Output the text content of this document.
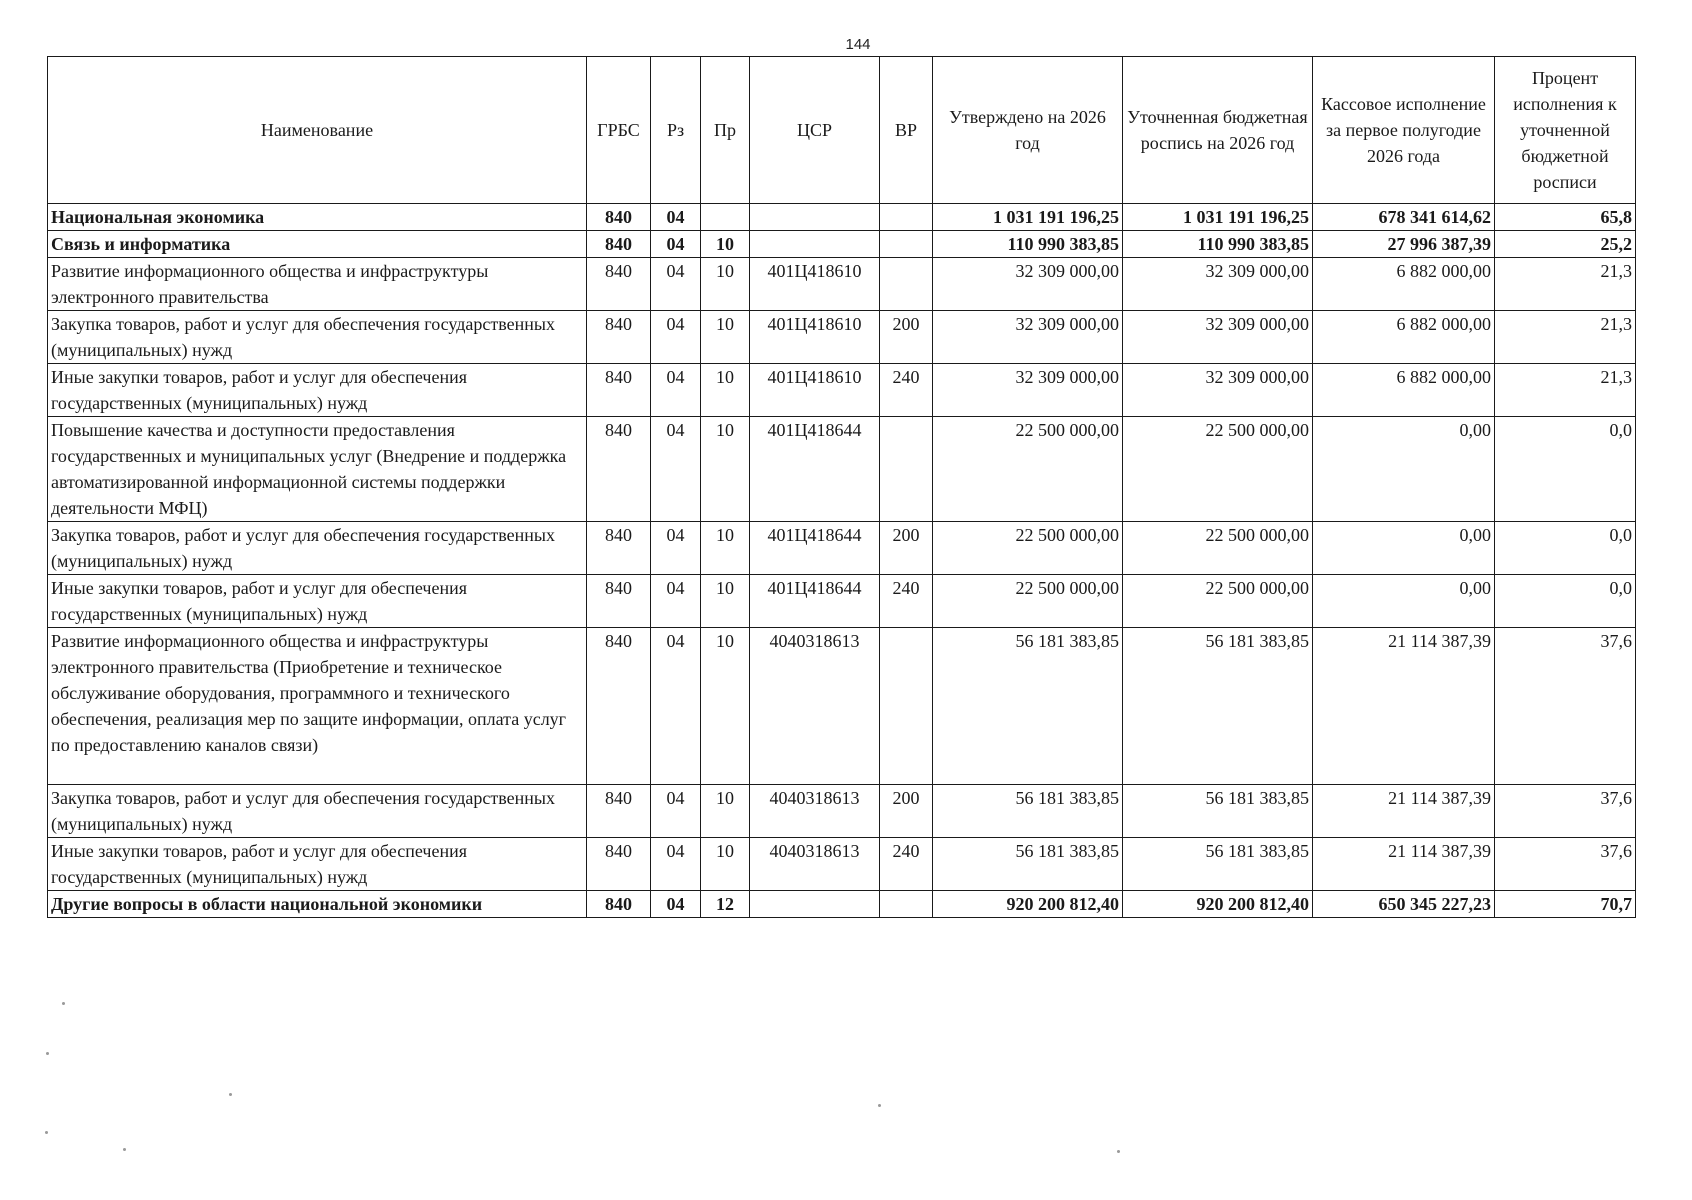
144
Наименование	ГРБС	Рз	Пр	ЦСР	ВР	Утверждено на 2026 год	Уточненная бюджетная роспись на 2026 год	Кассовое исполнение за первое полугодие 2026 года	Процент исполнения к уточненной бюджетной росписи
Национальная экономика	840	04				1 031 191 196,25	1 031 191 196,25	678 341 614,62	65,8
Связь и информатика	840	04	10			110 990 383,85	110 990 383,85	27 996 387,39	25,2
Развитие информационного общества и инфраструктуры электронного правительства	840	04	10	401Ц418610		32 309 000,00	32 309 000,00	6 882 000,00	21,3
Закупка товаров, работ и услуг для обеспечения государственных (муниципальных) нужд	840	04	10	401Ц418610	200	32 309 000,00	32 309 000,00	6 882 000,00	21,3
Иные закупки товаров, работ и услуг для обеспечения государственных (муниципальных) нужд	840	04	10	401Ц418610	240	32 309 000,00	32 309 000,00	6 882 000,00	21,3
Повышение качества и доступности предоставления государственных и муниципальных услуг (Внедрение и поддержка автоматизированной информационной системы поддержки деятельности МФЦ)	840	04	10	401Ц418644		22 500 000,00	22 500 000,00	0,00	0,0
Закупка товаров, работ и услуг для обеспечения государственных (муниципальных) нужд	840	04	10	401Ц418644	200	22 500 000,00	22 500 000,00	0,00	0,0
Иные закупки товаров, работ и услуг для обеспечения государственных (муниципальных) нужд	840	04	10	401Ц418644	240	22 500 000,00	22 500 000,00	0,00	0,0
Развитие информационного общества и инфраструктуры электронного правительства (Приобретение и техническое обслуживание оборудования, программного и технического обеспечения, реализация мер по защите информации, оплата услуг по предоставлению каналов связи)	840	04	10	4040318613		56 181 383,85	56 181 383,85	21 114 387,39	37,6
Закупка товаров, работ и услуг для обеспечения государственных (муниципальных) нужд	840	04	10	4040318613	200	56 181 383,85	56 181 383,85	21 114 387,39	37,6
Иные закупки товаров, работ и услуг для обеспечения государственных (муниципальных) нужд	840	04	10	4040318613	240	56 181 383,85	56 181 383,85	21 114 387,39	37,6
Другие вопросы в области национальной экономики	840	04	12			920 200 812,40	920 200 812,40	650 345 227,23	70,7
